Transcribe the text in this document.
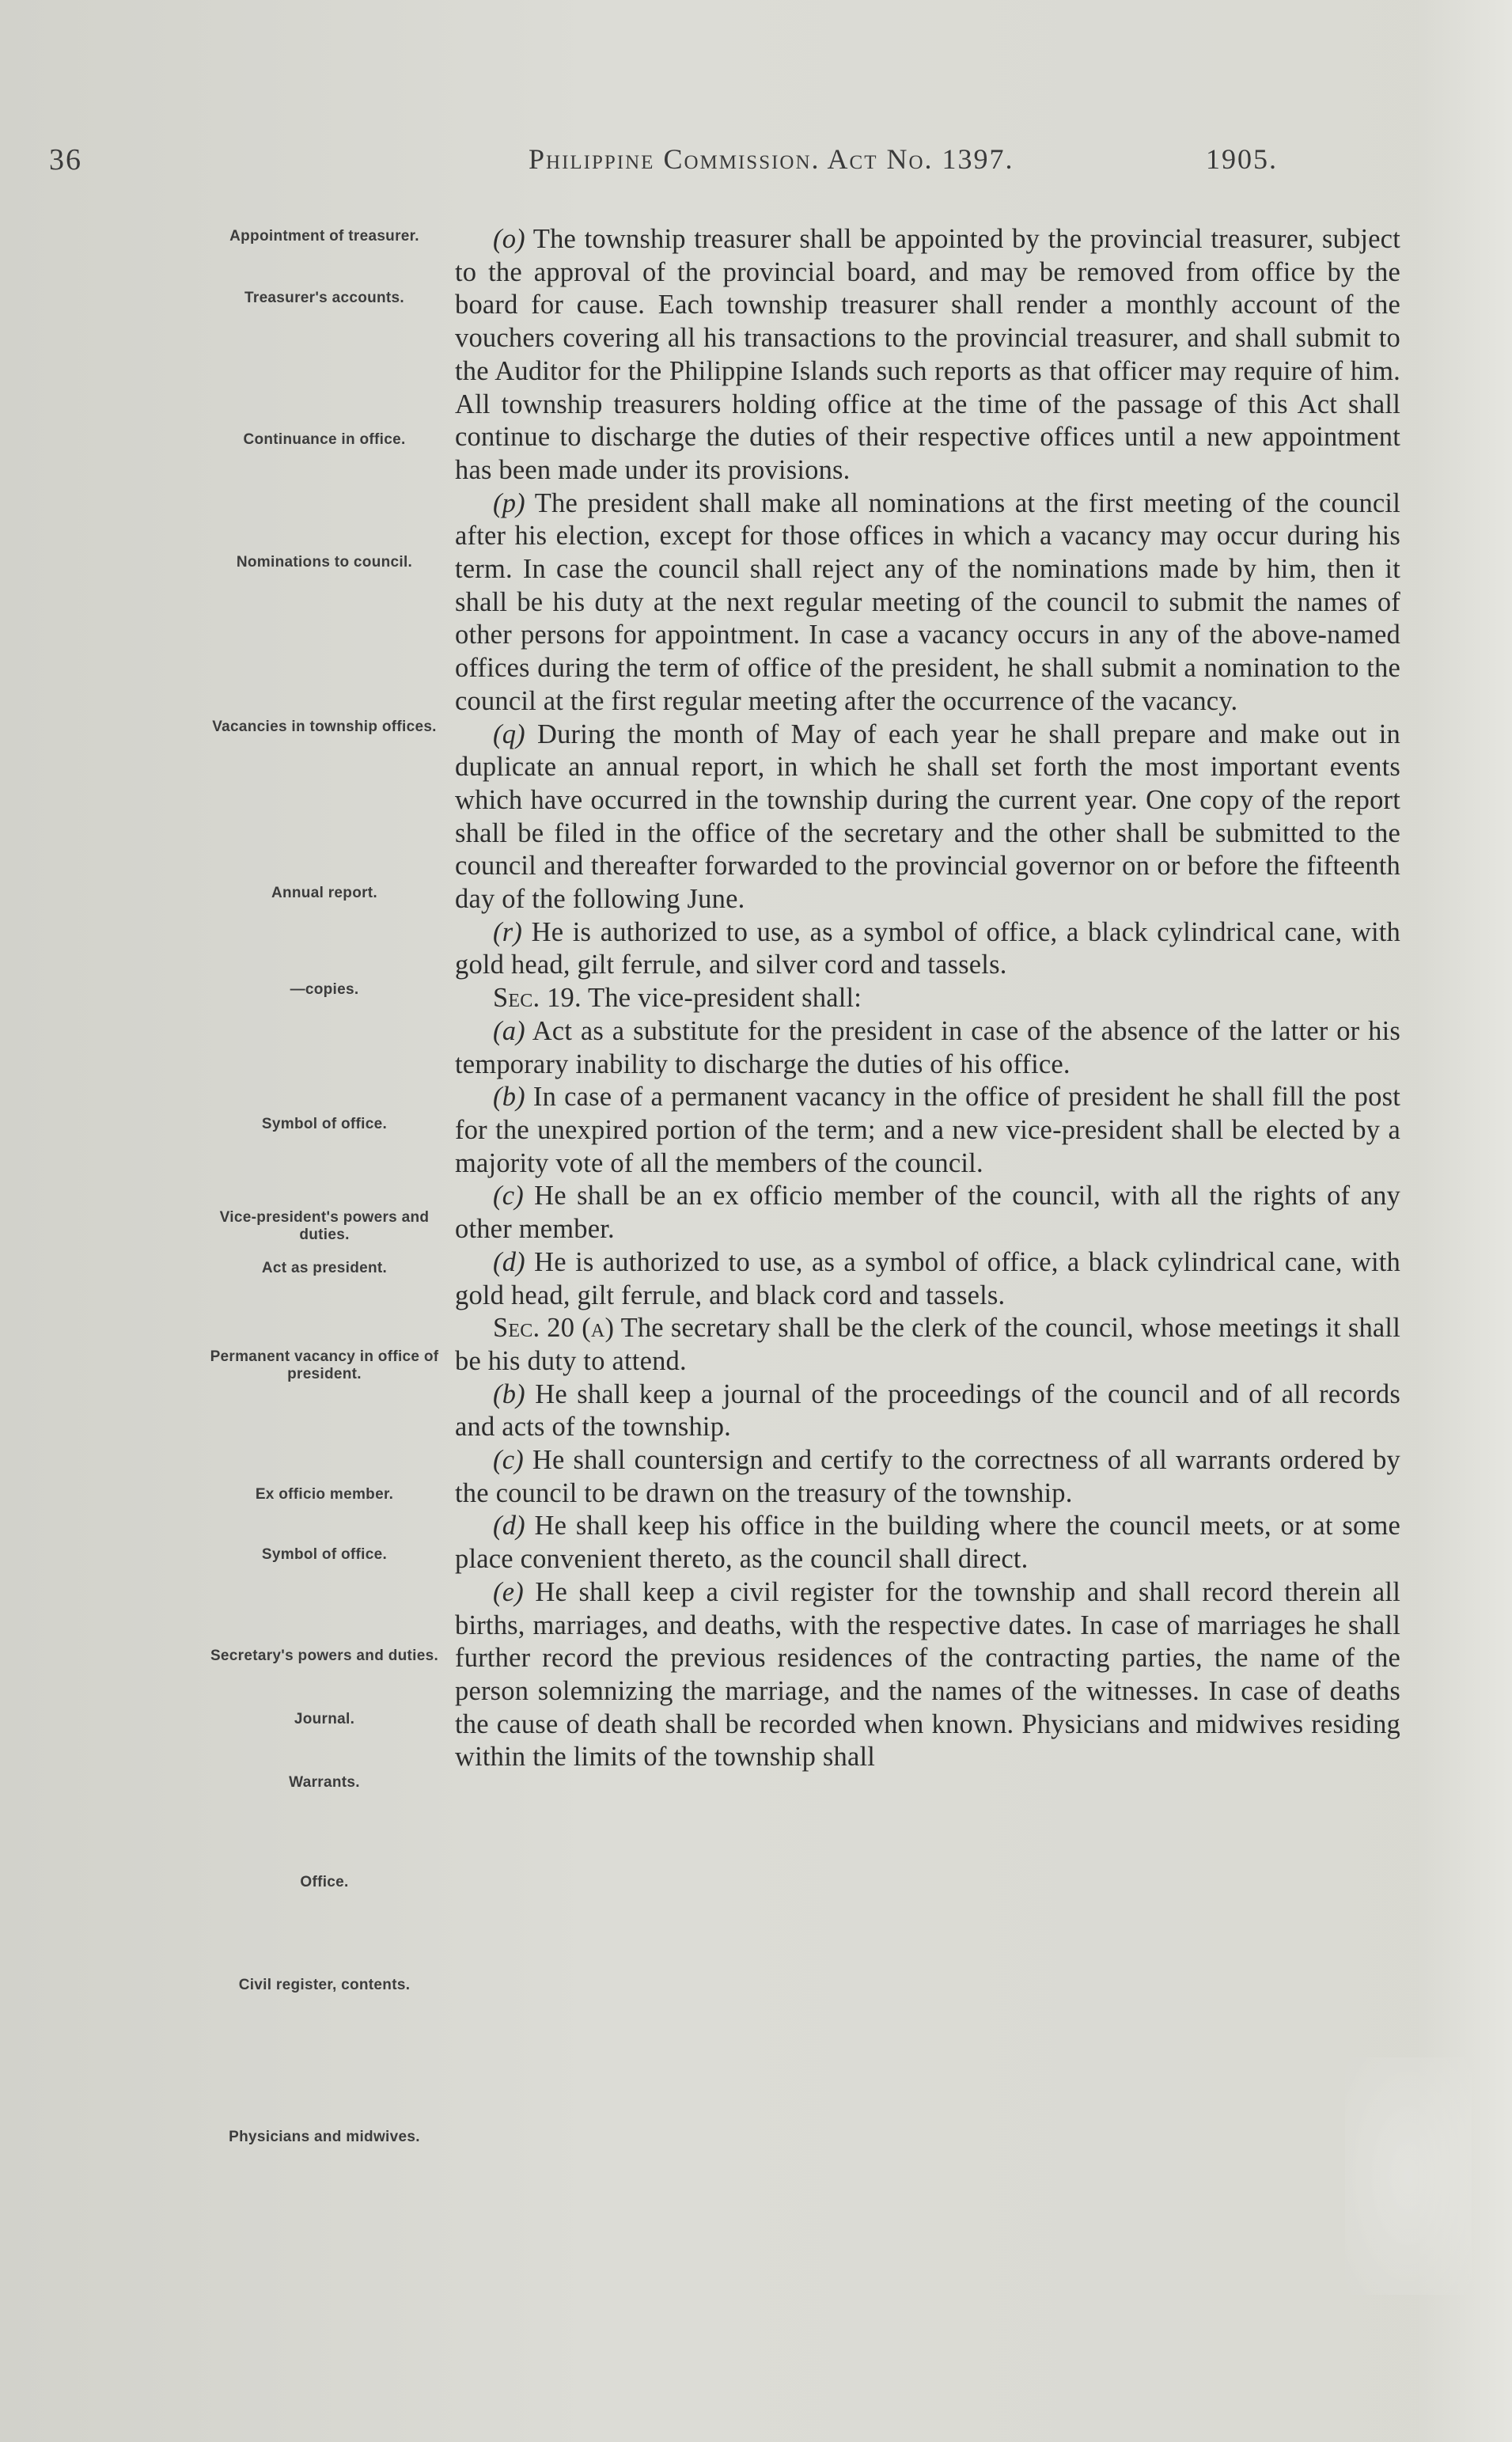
36	Philippine Commission. Act No. 1397.	1905.
Appointment of treasurer.
Treasurer's accounts.
Continuance in office.
Nominations to council.
Vacancies in township offices.
Annual report.
—copies.
Symbol of office.
Vice-president's powers and duties.
Act as president.
Permanent vacancy in office of president.
Ex officio member.
Symbol of office.
Secretary's powers and duties.
Journal.
Warrants.
Office.
Civil register, contents.
Physicians and midwives.

(o) The township treasurer shall be appointed by the provincial treasurer, subject to the approval of the provincial board, and may be removed from office by the board for cause. Each township treasurer shall render a monthly account of the vouchers covering all his transactions to the provincial treasurer, and shall submit to the Auditor for the Philippine Islands such reports as that officer may require of him. All township treasurers holding office at the time of the passage of this Act shall continue to discharge the duties of their respective offices until a new appointment has been made under its provisions.

(p) The president shall make all nominations at the first meeting of the council after his election, except for those offices in which a vacancy may occur during his term. In case the council shall reject any of the nominations made by him, then it shall be his duty at the next regular meeting of the council to submit the names of other persons for appointment. In case a vacancy occurs in any of the above-named offices during the term of office of the president, he shall submit a nomination to the council at the first regular meeting after the occurrence of the vacancy.

(q) During the month of May of each year he shall prepare and make out in duplicate an annual report, in which he shall set forth the most important events which have occurred in the township during the current year. One copy of the report shall be filed in the office of the secretary and the other shall be submitted to the council and thereafter forwarded to the provincial governor on or before the fifteenth day of the following June.

(r) He is authorized to use, as a symbol of office, a black cylindrical cane, with gold head, gilt ferrule, and silver cord and tassels.

Sec. 19. The vice-president shall:

(a) Act as a substitute for the president in case of the absence of the latter or his temporary inability to discharge the duties of his office.

(b) In case of a permanent vacancy in the office of president he shall fill the post for the unexpired portion of the term; and a new vice-president shall be elected by a majority vote of all the members of the council.

(c) He shall be an ex officio member of the council, with all the rights of any other member.

(d) He is authorized to use, as a symbol of office, a black cylindrical cane, with gold head, gilt ferrule, and black cord and tassels.

Sec. 20 (a) The secretary shall be the clerk of the council, whose meetings it shall be his duty to attend.

(b) He shall keep a journal of the proceedings of the council and of all records and acts of the township.

(c) He shall countersign and certify to the correctness of all warrants ordered by the council to be drawn on the treasury of the township.

(d) He shall keep his office in the building where the council meets, or at some place convenient thereto, as the council shall direct.

(e) He shall keep a civil register for the township and shall record therein all births, marriages, and deaths, with the respective dates. In case of marriages he shall further record the previous residences of the contracting parties, the name of the person solemnizing the marriage, and the names of the witnesses. In case of deaths the cause of death shall be recorded when known. Physicians and midwives residing within the limits of the township shall
